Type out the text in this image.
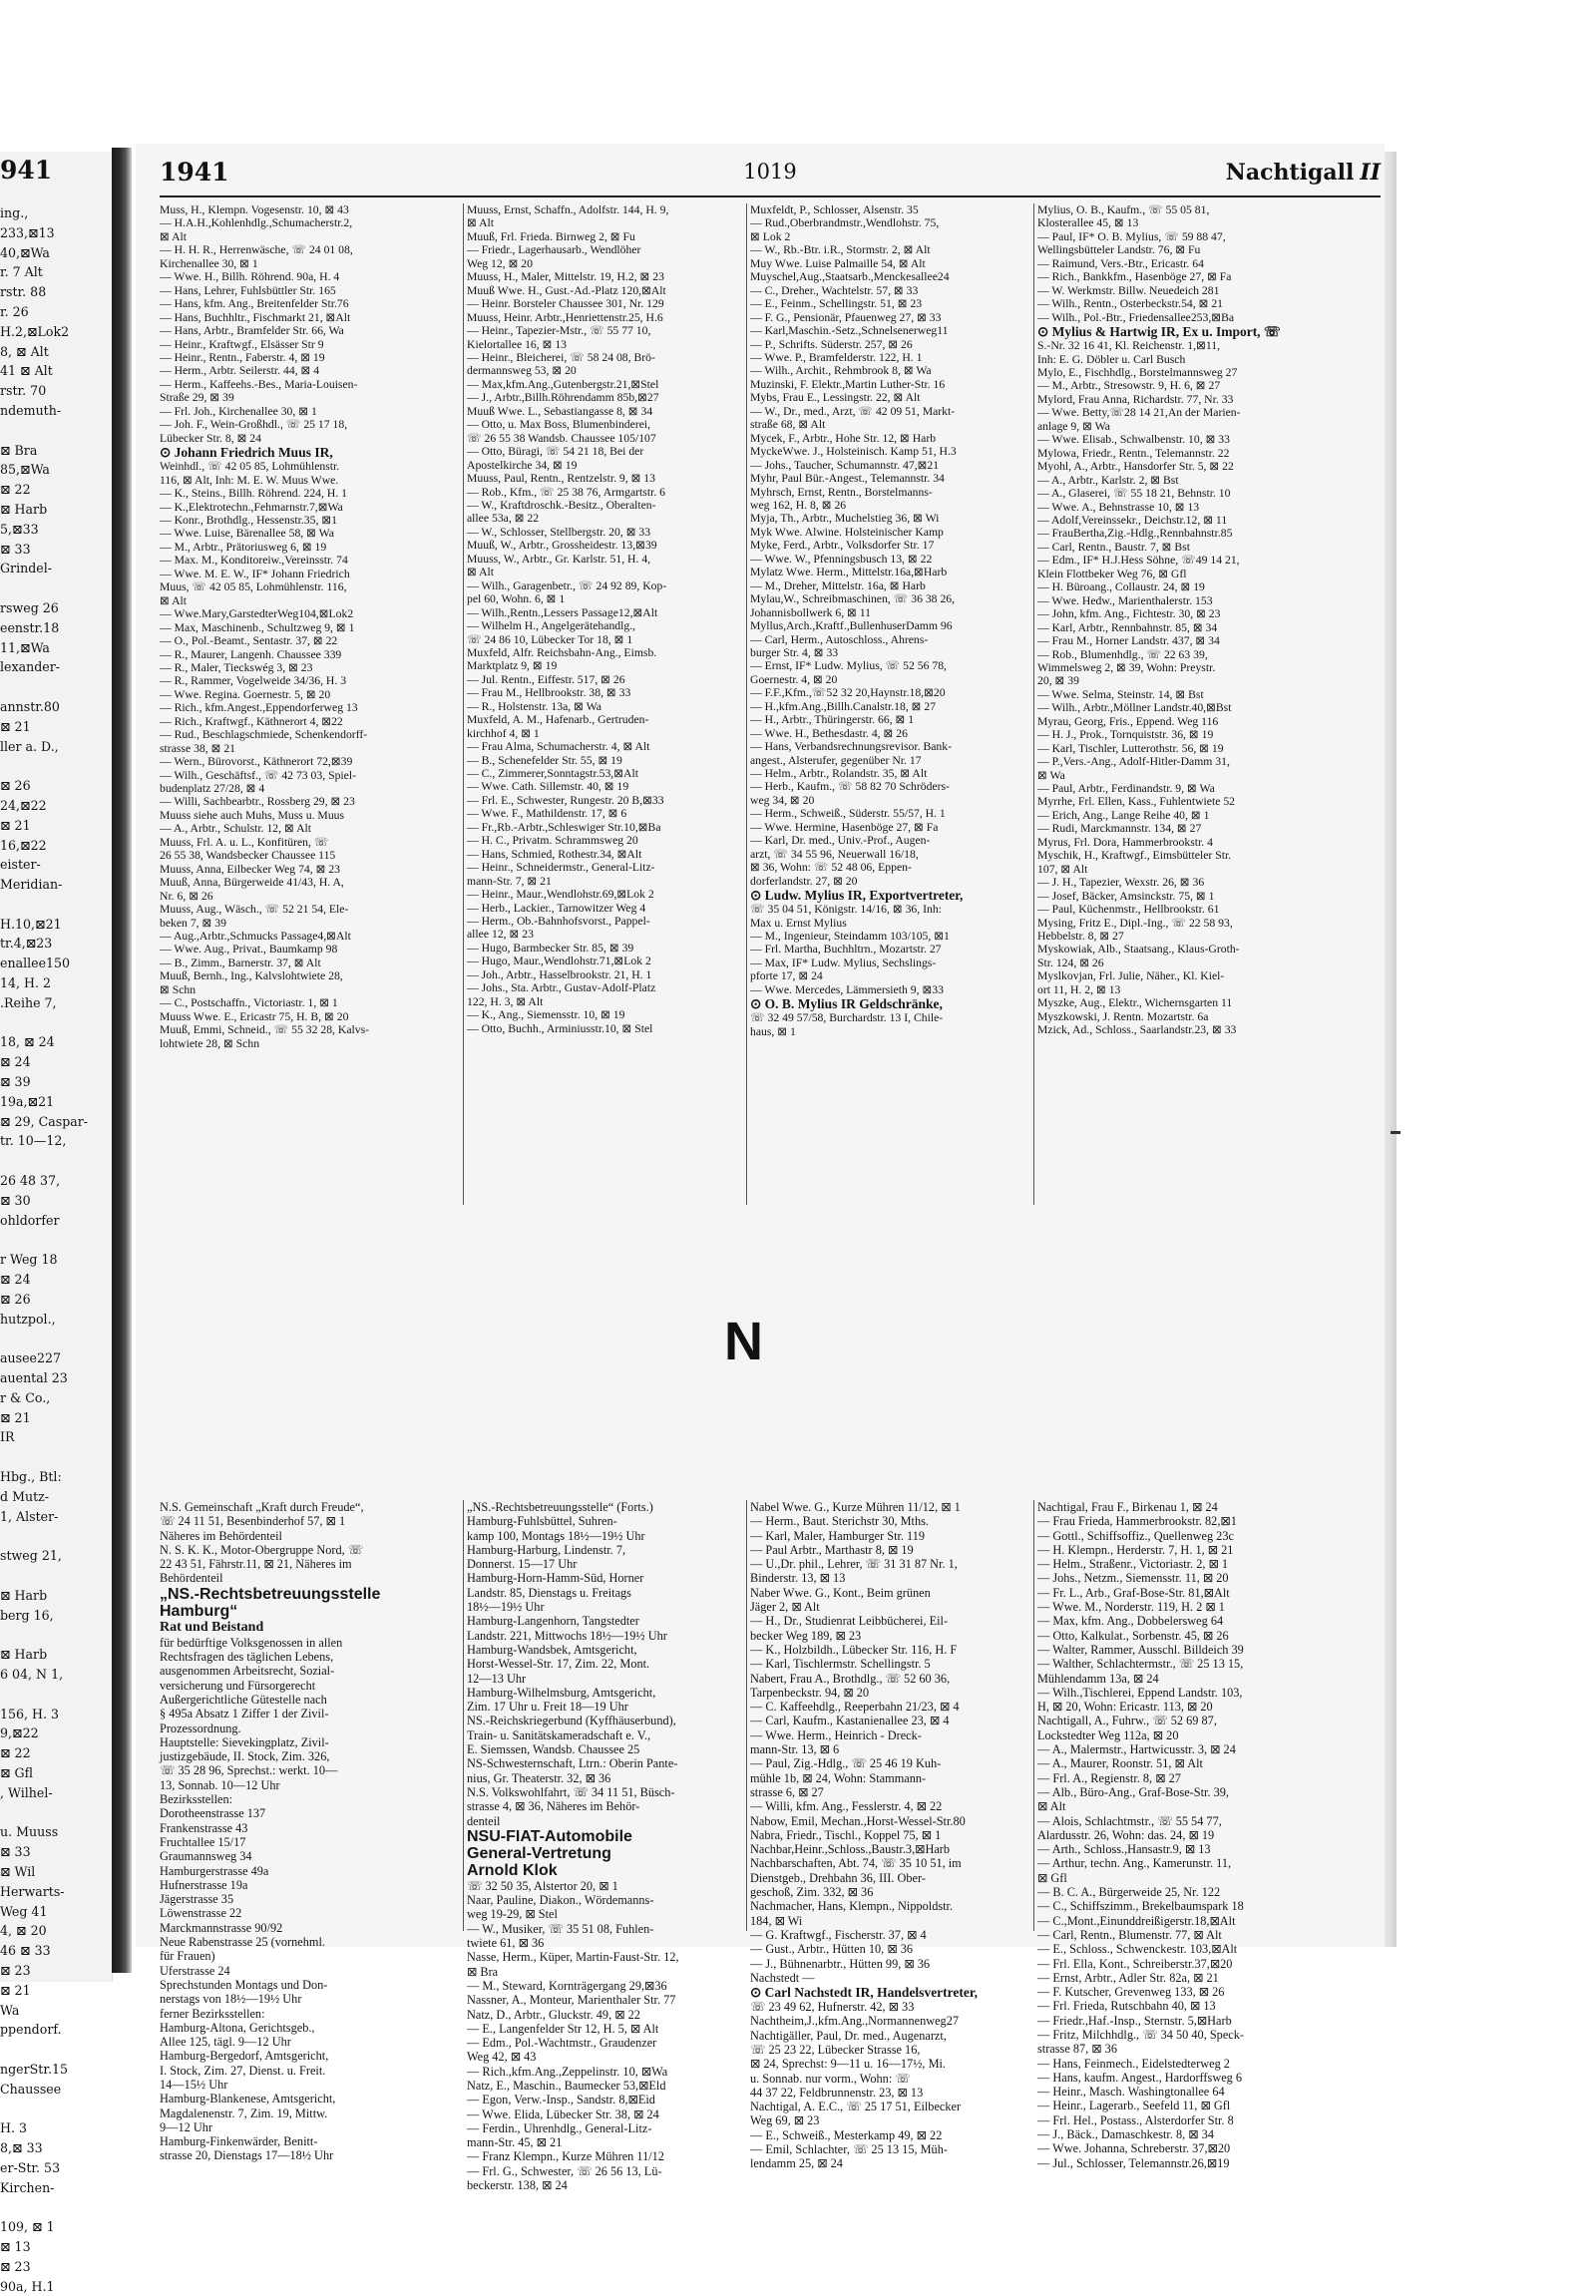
941
ing.,
233,⊠13
40,⊠Wa
r. 7 Alt
rstr. 88
r. 26
H.2,⊠Lok2
8, ⊠ Alt
41 ⊠ Alt
rstr. 70
ndemuth-

⊠ Bra
85,⊠Wa
⊠ 22
⊠ Harb
5,⊠33
⊠ 33
Grindel-

rsweg 26
eenstr.18
11,⊠Wa
lexander-

annstr.80
⊠ 21
ller a. D.,

⊠ 26
24,⊠22
⊠ 21
16,⊠22
eister-
Meridian-

H.10,⊠21
tr.4,⊠23
enallee150
14, H. 2
.Reihe 7,

18, ⊠ 24
⊠ 24
⊠ 39
19a,⊠21
⊠ 29, Caspar-
tr. 10—12,

26 48 37,
⊠ 30
ohldorfer

r Weg 18
⊠ 24
⊠ 26
hutzpol.,

ausee227
auental 23
r & Co.,
⊠ 21
IR

Hbg., Btl:
d Mutz-
1, Alster-

stweg 21,

⊠ Harb
berg 16,

⊠ Harb
6 04, N 1,

156, H. 3
9,⊠22
⊠ 22
⊠ Gfl
, Wilhel-

u. Muuss
⊠ 33
⊠ Wil
Herwarts-
Weg 41
4, ⊠ 20
46 ⊠ 33
⊠ 23
⊠ 21
Wa
ppendorf.

ngerStr.15
Chaussee

H. 3
8,⊠ 33
er-Str. 53
Kirchen-

109, ⊠ 1
⊠ 13
⊠ 23
90a, H.1
1941	1019	Nachtigall II
Muss, H., Klempn. Vogesenstr. 10, ⊠ 43
— H.A.H.,Kohlenhdlg.,Schumacherstr.2,
⊠ Alt
— H. H. R., Herrenwäsche, ☏ 24 01 08,
Kirchenallee 30, ⊠ 1
— Wwe. H., Billh. Röhrend. 90a, H. 4
— Hans, Lehrer, Fuhlsbüttler Str. 165
— Hans, kfm. Ang., Breitenfelder Str.76
— Hans, Buchhltr., Fischmarkt 21, ⊠Alt
— Hans, Arbtr., Bramfelder Str. 66, Wa
— Heinr., Kraftwgf., Elsässer Str 9
— Heinr., Rentn., Faberstr. 4, ⊠ 19
— Herm., Arbtr. Seilerstr. 44, ⊠ 4
— Herm., Kaffeehs.-Bes., Maria-Louisen-
Straße 29, ⊠ 39
— Frl. Joh., Kirchenallee 30, ⊠ 1
— Joh. F., Wein-Großhdl., ☏ 25 17 18,
Lübecker Str. 8, ⊠ 24
⊙ Johann Friedrich Muus IR,
Weinhdl., ☏ 42 05 85, Lohmühlenstr.
116, ⊠ Alt, Inh: M. E. W. Muus Wwe.
— K., Steins., Billh. Röhrend. 224, H. 1
— K.,Elektrotechn.,Fehmarnstr.7,⊠Wa
— Konr., Brothdlg., Hessenstr.35, ⊠1
— Wwe. Luise, Bärenallee 58, ⊠ Wa
— M., Arbtr., Prätoriusweg 6, ⊠ 19
— Max. M., Konditoreiw.,Vereinsstr. 74
— Wwe. M. E. W., IF* Johann Friedrich
Muus, ☏ 42 05 85, Lohmühlenstr. 116,
⊠ Alt
— Wwe.Mary,GarstedterWeg104,⊠Lok2
— Max, Maschinenb., Schultzweg 9, ⊠ 1
— O., Pol.-Beamt., Sentastr. 37, ⊠ 22
— R., Maurer, Langenh. Chaussee 339
— R., Maler, Tieckswég 3, ⊠ 23
— R., Rammer, Vogelweide 34/36, H. 3
— Wwe. Regina. Goernestr. 5, ⊠ 20
— Rich., kfm.Angest.,Eppendorferweg 13
— Rich., Kraftwgf., Käthnerort 4, ⊠22
— Rud., Beschlagschmiede, Schenkendorff-
strasse 38, ⊠ 21
— Wern., Bürovorst., Käthnerort 72,⊠39
— Wilh., Geschäftsf., ☏ 42 73 03, Spiel-
budenplatz 27/28, ⊠ 4
— Willi, Sachbearbtr., Rossberg 29, ⊠ 23
Muuss siehe auch Muhs, Muss u. Muus
— A., Arbtr., Schulstr. 12, ⊠ Alt
Muuss, Frl. A. u. L., Konfitüren, ☏
26 55 38, Wandsbecker Chaussee 115
Muuss, Anna, Eilbecker Weg 74, ⊠ 23
Muuß, Anna, Bürgerweide 41/43, H. A,
Nr. 6, ⊠ 26
Muuss, Aug., Wäsch., ☏ 52 21 54, Ele-
beken 7, ⊠ 39
— Aug.,Arbtr.,Schmucks Passage4,⊠Alt
— Wwe. Aug., Privat., Baumkamp 98
— B., Zimm., Barnerstr. 37, ⊠ Alt
Muuß, Bernh., Ing., Kalvslohtwiete 28,
⊠ Schn
— C., Postschaffn., Victoriastr. 1, ⊠ 1
Muuss Wwe. E., Ericastr 75, H. B, ⊠ 20
Muuß, Emmi, Schneid., ☏ 55 32 28, Kalvs-
lohtwiete 28, ⊠ Schn
Muuss, Ernst, Schaffn., Adolfstr. 144, H. 9,
⊠ Alt
Muuß, Frl. Frieda. Birnweg 2, ⊠ Fu
— Friedr., Lagerhausarb., Wendlöher
Weg 12, ⊠ 20
Muuss, H., Maler, Mittelstr. 19, H.2, ⊠ 23
Muuß Wwe. H., Gust.-Ad.-Platz 120,⊠Alt
— Heinr. Borsteler Chaussee 301, Nr. 129
Muuss, Heinr. Arbtr.,Henriettenstr.25, H.6
— Heinr., Tapezier-Mstr., ☏ 55 77 10,
Kielortallee 16, ⊠ 13
— Heinr., Bleicherei, ☏ 58 24 08, Brö-
dermannsweg 53, ⊠ 20
— Max,kfm.Ang.,Gutenbergstr.21,⊠Stel
— J., Arbtr.,Billh.Röhrendamm 85b,⊠27
Muuß Wwe. L., Sebastiangasse 8, ⊠ 34
— Otto, u. Max Boss, Blumenbinderei,
☏ 26 55 38 Wandsb. Chaussee 105/107
— Otto, Büragi, ☏ 54 21 18, Bei der
Apostelkirche 34, ⊠ 19
Muuss, Paul, Rentn., Rentzelstr. 9, ⊠ 13
— Rob., Kfm., ☏ 25 38 76, Armgartstr. 6
— W., Kraftdroschk.-Besitz., Oberalten-
allee 53a, ⊠ 22
— W., Schlosser, Stellbergstr. 20, ⊠ 33
Muuß, W., Arbtr., Grossheidestr. 13,⊠39
Muuss, W., Arbtr., Gr. Karlstr. 51, H. 4,
⊠ Alt
— Wilh., Garagenbetr., ☏ 24 92 89, Kop-
pel 60, Wohn. 6, ⊠ 1
— Wilh.,Rentn.,Lessers Passage12,⊠Alt
— Wilhelm H., Angelgerätehandlg.,
☏ 24 86 10, Lübecker Tor 18, ⊠ 1
Muxfeld, Alfr. Reichsbahn-Ang., Eimsb.
Marktplatz 9, ⊠ 19
— Jul. Rentn., Eiffestr. 517, ⊠ 26
— Frau M., Hellbrookstr. 38, ⊠ 33
— R., Holstenstr. 13a, ⊠ Wa
Muxfeld, A. M., Hafenarb., Gertruden-
kirchhof 4, ⊠ 1
— Frau Alma, Schumacherstr. 4, ⊠ Alt
— B., Schenefelder Str. 55, ⊠ 19
— C., Zimmerer,Sonntagstr.53,⊠Alt
— Wwe. Cath. Sillemstr. 40, ⊠ 19
— Frl. E., Schwester, Rungestr. 20 B,⊠33
— Wwe. F., Mathildenstr. 17, ⊠ 6
— Fr.,Rb.-Arbtr.,Schleswiger Str.10,⊠Ba
— H. C., Privatm. Schrammsweg 20
— Hans, Schmied, Rothestr.34, ⊠Alt
— Heinr., Schneidermstr., General-Litz-
mann-Str. 7, ⊠ 21
— Heinr., Maur.,Wendlohstr.69,⊠Lok 2
— Herb., Lackier., Tarnowitzer Weg 4
— Herm., Ob.-Bahnhofsvorst., Pappel-
allee 12, ⊠ 23
— Hugo, Barmbecker Str. 85, ⊠ 39
— Hugo, Maur.,Wendlohstr.71,⊠Lok 2
— Joh., Arbtr., Hasselbrookstr. 21, H. 1
— Johs., Sta. Arbtr., Gustav-Adolf-Platz
122, H. 3, ⊠ Alt
— K., Ang., Siemensstr. 10, ⊠ 19
— Otto, Buchh., Arminiusstr.10, ⊠ Stel
Muxfeldt, P., Schlosser, Alsenstr. 35
— Rud.,Oberbrandmstr.,Wendlohstr. 75,
⊠ Lok 2
— W., Rb.-Btr. i.R., Stormstr. 2, ⊠ Alt
Muy Wwe. Luise Palmaille 54, ⊠ Alt
Muyschel,Aug.,Staatsarb.,Menckesallee24
— C., Dreher., Wachtelstr. 57, ⊠ 33
— E., Feinm., Schellingstr. 51, ⊠ 23
— F. G., Pensionär, Pfauenweg 27, ⊠ 33
— Karl,Maschin.-Setz.,Schnelsenerweg11
— P., Schrifts. Süderstr. 257, ⊠ 26
— Wwe. P., Bramfelderstr. 122, H. 1
— Wilh., Archit., Rehmbrook 8, ⊠ Wa
Muzinski, F. Elektr.,Martin Luther-Str. 16
Mybs, Frau E., Lessingstr. 22, ⊠ Alt
— W., Dr., med., Arzt, ☏ 42 09 51, Markt-
straße 68, ⊠ Alt
Mycek, F., Arbtr., Hohe Str. 12, ⊠ Harb
MyckeWwe. J., Holsteinisch. Kamp 51, H.3
— Johs., Taucher, Schumannstr. 47,⊠21
Myhr, Paul Bür.-Angest., Telemannstr. 34
Myhrsch, Ernst, Rentn., Borstelmanns-
weg 162, H. 8, ⊠ 26
Myja, Th., Arbtr., Muchelstieg 36, ⊠ Wi
Myk Wwe. Alwine. Holsteinischer Kamp
Myke, Ferd., Arbtr., Volksdorfer Str. 17
— Wwe. W., Pfenningsbusch 13, ⊠ 22
Mylatz Wwe. Herm., Mittelstr.16a,⊠Harb
— M., Dreher, Mittelstr. 16a, ⊠ Harb
Mylau,W., Schreibmaschinen, ☏ 36 38 26,
Johannisbollwerk 6, ⊠ 11
Myllus,Arch.,Kraftf.,BullenhuserDamm 96
— Carl, Herm., Autoschloss., Ahrens-
burger Str. 4, ⊠ 33
— Ernst, IF* Ludw. Mylius, ☏ 52 56 78,
Goernestr. 4, ⊠ 20
— F.F.,Kfm.,☏52 32 20,Haynstr.18,⊠20
— H.,kfm.Ang.,Billh.Canalstr.18, ⊠ 27
— H., Arbtr., Thüringerstr. 66, ⊠ 1
— Wwe. H., Bethesdastr. 4, ⊠ 26
— Hans, Verbandsrechnungsrevisor. Bank-
angest., Alsterufer, gegenüber Nr. 17
— Helm., Arbtr., Rolandstr. 35, ⊠ Alt
— Herb., Kaufm., ☏ 58 82 70 Schröders-
weg 34, ⊠ 20
— Herm., Schweiß., Süderstr. 55/57, H. 1
— Wwe. Hermine, Hasenböge 27, ⊠ Fa
— Karl, Dr. med., Univ.-Prof., Augen-
arzt, ☏ 34 55 96, Neuerwall 16/18,
⊠ 36, Wohn: ☏ 52 48 06, Eppen-
dorferlandstr. 27, ⊠ 20
⊙ Ludw. Mylius IR, Exportvertreter,
☏ 35 04 51, Königstr. 14/16, ⊠ 36, Inh:
Max u. Ernst Mylius
— M., Ingenieur, Steindamm 103/105, ⊠1
— Frl. Martha, Buchhltrn., Mozartstr. 27
— Max, IF* Ludw. Mylius, Sechslings-
pforte 17, ⊠ 24
— Wwe. Mercedes, Lämmersieth 9, ⊠33
⊙ O. B. Mylius IR Geldschränke,
☏ 32 49 57/58, Burchardstr. 13 I, Chile-
haus, ⊠ 1
Mylius, O. B., Kaufm., ☏ 55 05 81,
Klosterallee 45, ⊠ 13
— Paul, IF* O. B. Mylius, ☏ 59 88 47,
Wellingsbütteler Landstr. 76, ⊠ Fu
— Raimund, Vers.-Btr., Ericastr. 64
— Rich., Bankkfm., Hasenböge 27, ⊠ Fa
— W. Werkmstr. Billw. Neuedeich 281
— Wilh., Rentn., Osterbeckstr.54, ⊠ 21
— Wilh., Pol.-Btr., Friedensallee253,⊠Ba
⊙ Mylius & Hartwig IR, Ex u. Import, ☏
S.-Nr. 32 16 41, Kl. Reichenstr. 1,⊠11,
Inh: E. G. Döbler u. Carl Busch
Mylo, E., Fischhdlg., Borstelmannsweg 27
— M., Arbtr., Stresowstr. 9, H. 6, ⊠ 27
Mylord, Frau Anna, Richardstr. 77, Nr. 33
— Wwe. Betty,☏28 14 21,An der Marien-
anlage 9, ⊠ Wa
— Wwe. Elisab., Schwalbenstr. 10, ⊠ 33
Mylowa, Friedr., Rentn., Telemannstr. 22
Myohl, A., Arbtr., Hansdorfer Str. 5, ⊠ 22
— A., Arbtr., Karlstr. 2, ⊠ Bst
— A., Glaserei, ☏ 55 18 21, Behnstr. 10
— Wwe. A., Behnstrasse 10, ⊠ 13
— Adolf,Vereinssekr., Deichstr.12, ⊠ 11
— FrauBertha,Zig.-Hdlg.,Rennbahnstr.85
— Carl, Rentn., Baustr. 7, ⊠ Bst
— Edm., IF* H.J.Hess Söhne, ☏49 14 21,
Klein Flottbeker Weg 76, ⊠ Gfl
— H. Büroang., Collaustr. 24, ⊠ 19
— Wwe. Hedw., Marienthalerstr. 153
— John, kfm. Ang., Fichtestr. 30, ⊠ 23
— Karl, Arbtr., Rennbahnstr. 85, ⊠ 34
— Frau M., Horner Landstr. 437, ⊠ 34
— Rob., Blumenhdlg., ☏ 22 63 39,
Wimmelsweg 2, ⊠ 39, Wohn: Preystr.
20, ⊠ 39
— Wwe. Selma, Steinstr. 14, ⊠ Bst
— Wilh., Arbtr.,Möllner Landstr.40,⊠Bst
Myrau, Georg, Fris., Eppend. Weg 116
— H. J., Prok., Tornquiststr. 36, ⊠ 19
— Karl, Tischler, Lutterothstr. 56, ⊠ 19
— P.,Vers.-Ang., Adolf-Hitler-Damm 31,
⊠ Wa
— Paul, Arbtr., Ferdinandstr. 9, ⊠ Wa
Myrrhe, Frl. Ellen, Kass., Fuhlentwiete 52
— Erich, Ang., Lange Reihe 40, ⊠ 1
— Rudi, Marckmannstr. 134, ⊠ 27
Myrus, Frl. Dora, Hammerbrookstr. 4
Myschik, H., Kraftwgf., Eimsbütteler Str.
107, ⊠ Alt
— J. H., Tapezier, Wexstr. 26, ⊠ 36
— Josef, Bäcker, Amsinckstr. 75, ⊠ 1
— Paul, Küchenmstr., Hellbrookstr. 61
Mysing, Fritz E., Dipl.-Ing., ☏ 22 58 93,
Hebbelstr. 8, ⊠ 27
Myskowiak, Alb., Staatsang., Klaus-Groth-
Str. 124, ⊠ 26
Myslkovjan, Frl. Julie, Näher., Kl. Kiel-
ort 11, H. 2, ⊠ 13
Myszke, Aug., Elektr., Wichernsgarten 11
Myszkowski, J. Rentn. Mozartstr. 6a
Mzick, Ad., Schloss., Saarlandstr.23, ⊠ 33
N
N.S. Gemeinschaft „Kraft durch Freude“,
☏ 24 11 51, Besenbinderhof 57, ⊠ 1
Näheres im Behördenteil
N. S. K. K., Motor-Obergruppe Nord, ☏
22 43 51, Fährstr.11, ⊠ 21, Näheres im
Behördenteil
„NS.-Rechtsbetreuungsstelle
Hamburg“
Rat und Beistand
für bedürftige Volksgenossen in allen
Rechtsfragen des täglichen Lebens,
ausgenommen Arbeitsrecht, Sozial-
versicherung und Fürsorgerecht
Außergerichtliche Gütestelle nach
§ 495a Absatz 1 Ziffer 1 der Zivil-
Prozessordnung.
Hauptstelle: Sievekingplatz, Zivil-
justizgebäude, II. Stock, Zim. 326,
☏ 35 28 96, Sprechst.: werkt. 10—
13, Sonnab. 10—12 Uhr
Bezirksstellen:
Dorotheenstrasse 137
Frankenstrasse 43
Fruchtallee 15/17
Graumannsweg 34
Hamburgerstrasse 49a
Hufnerstrasse 19a
Jägerstrasse 35
Löwenstrasse 22
Marckmannstrasse 90/92
Neue Rabenstrasse 25 (vornehml.
für Frauen)
Uferstrasse 24
Sprechstunden Montags und Don-
nerstags von 18½—19½ Uhr
ferner Bezirksstellen:
Hamburg-Altona, Gerichtsgeb.,
Allee 125, tägl. 9—12 Uhr
Hamburg-Bergedorf, Amtsgericht,
I. Stock, Zim. 27, Dienst. u. Freit.
14—15½ Uhr
Hamburg-Blankenese, Amtsgericht,
Magdalenenstr. 7, Zim. 19, Mittw.
9—12 Uhr
Hamburg-Finkenwärder, Benitt-
strasse 20, Dienstags 17—18½ Uhr
„NS.-Rechtsbetreuungsstelle“ (Forts.)
Hamburg-Fuhlsbüttel, Suhren-
kamp 100, Montags 18½—19½ Uhr
Hamburg-Harburg, Lindenstr. 7,
Donnerst. 15—17 Uhr
Hamburg-Horn-Hamm-Süd, Horner
Landstr. 85, Dienstags u. Freitags
18½—19½ Uhr
Hamburg-Langenhorn, Tangstedter
Landstr. 221, Mittwochs 18½—19½ Uhr
Hamburg-Wandsbek, Amtsgericht,
Horst-Wessel-Str. 17, Zim. 22, Mont.
12—13 Uhr
Hamburg-Wilhelmsburg, Amtsgericht,
Zim. 17 Uhr u. Freit 18—19 Uhr
NS.-Reichskriegerbund (Kyffhäuserbund),
Train- u. Sanitätskameradschaft e. V.,
E. Siemssen, Wandsb. Chaussee 25
NS-Schwesternschaft, Ltrn.: Oberin Pante-
nius, Gr. Theaterstr. 32, ⊠ 36
N.S. Volkswohlfahrt, ☏ 34 11 51, Büsch-
strasse 4, ⊠ 36, Näheres im Behör-
denteil
NSU-FIAT-Automobile
General-Vertretung
Arnold Klok
☏ 32 50 35, Alstertor 20, ⊠ 1
Naar, Pauline, Diakon., Wördemanns-
weg 19-29, ⊠ Stel
— W., Musiker, ☏ 35 51 08, Fuhlen-
twiete 61, ⊠ 36
Nasse, Herm., Küper, Martin-Faust-Str. 12,
⊠ Bra
— M., Steward, Kornträgergang 29,⊠36
Nassner, A., Monteur, Marienthaler Str. 77
Natz, D., Arbtr., Gluckstr. 49, ⊠ 22
— E., Langenfelder Str 12, H. 5, ⊠ Alt
— Edm., Pol.-Wachtmstr., Graudenzer
Weg 42, ⊠ 43
— Rich.,kfm.Ang.,Zeppelinstr. 10, ⊠Wa
Natz, E., Maschin., Baumecker 53,⊠Eld
— Egon, Verw.-Insp., Sandstr. 8,⊠Eid
— Wwe. Elida, Lübecker Str. 38, ⊠ 24
— Ferdin., Uhrenhdlg., General-Litz-
mann-Str. 45, ⊠ 21
— Franz Klempn., Kurze Mühren 11/12
— Frl. G., Schwester, ☏ 26 56 13, Lü-
beckerstr. 138, ⊠ 24
Nabel Wwe. G., Kurze Mühren 11/12, ⊠ 1
— Herm., Baut. Sterichstr 30, Mths.
— Karl, Maler, Hamburger Str. 119
— Paul Arbtr., Marthastr 8, ⊠ 19
— U.,Dr. phil., Lehrer, ☏ 31 31 87 Nr. 1,
Binderstr. 13, ⊠ 13
Naber Wwe. G., Kont., Beim grünen
Jäger 2, ⊠ Alt
— H., Dr., Studienrat Leibbücherei, Eil-
becker Weg 189, ⊠ 23
— K., Holzbildh., Lübecker Str. 116, H. F
— Karl, Tischlermstr. Schellingstr. 5
Nabert, Frau A., Brothdlg., ☏ 52 60 36,
Tarpenbeckstr. 94, ⊠ 20
— C. Kaffeehdlg., Reeperbahn 21/23, ⊠ 4
— Carl, Kaufm., Kastanienallee 23, ⊠ 4
— Wwe. Herm., Heinrich - Dreck-
mann-Str. 13, ⊠ 6
— Paul, Zig.-Hdlg., ☏ 25 46 19 Kuh-
mühle 1b, ⊠ 24, Wohn: Stammann-
strasse 6, ⊠ 27
— Willi, kfm. Ang., Fesslerstr. 4, ⊠ 22
Nabow, Emil, Mechan.,Horst-Wessel-Str.80
Nabra, Friedr., Tischl., Koppel 75, ⊠ 1
Nachbar,Heinr.,Schloss.,Baustr.3,⊠Harb
Nachbarschaften, Abt. 74, ☏ 35 10 51, im
Dienstgeb., Drehbahn 36, III. Ober-
geschoß, Zim. 332, ⊠ 36
Nachmacher, Hans, Klempn., Nippoldstr.
184, ⊠ Wi
— G. Kraftwgf., Fischerstr. 37, ⊠ 4
— Gust., Arbtr., Hütten 10, ⊠ 36
— J., Bühnenarbtr., Hütten 99, ⊠ 36
Nachstedt —
⊙ Carl Nachstedt IR, Handelsvertreter,
☏ 23 49 62, Hufnerstr. 42, ⊠ 33
Nachtheim,J.,kfm.Ang.,Normannenweg27
Nachtigäller, Paul, Dr. med., Augenarzt,
☏ 25 23 22, Lübecker Strasse 16,
⊠ 24, Sprechst: 9—11 u. 16—17½, Mi.
u. Sonnab. nur vorm., Wohn: ☏
44 37 22, Feldbrunnenstr. 23, ⊠ 13
Nachtigal, A. E.C., ☏ 25 17 51, Eilbecker
Weg 69, ⊠ 23
— E., Schweiß., Mesterkamp 49, ⊠ 22
— Emil, Schlachter, ☏ 25 13 15, Müh-
lendamm 25, ⊠ 24
Nachtigal, Frau F., Birkenau 1, ⊠ 24
— Frau Frieda, Hammerbrookstr. 82,⊠1
— Gottl., Schiffsoffiz., Quellenweg 23c
— H. Klempn., Herderstr. 7, H. 1, ⊠ 21
— Helm., Straßenr., Victoriastr. 2, ⊠ 1
— Johs., Netzm., Siemensstr. 11, ⊠ 20
— Fr. L., Arb., Graf-Bose-Str. 81,⊠Alt
— Wwe. M., Norderstr. 119, H. 2 ⊠ 1
— Max, kfm. Ang., Dobbelersweg 64
— Otto, Kalkulat., Sorbenstr. 45, ⊠ 26
— Walter, Rammer, Ausschl. Billdeich 39
— Walther, Schlachtermstr., ☏ 25 13 15,
Mühlendamm 13a, ⊠ 24
— Wilh.,Tischlerei, Eppend Landstr. 103,
H, ⊠ 20, Wohn: Ericastr. 113, ⊠ 20
Nachtigall, A., Fuhrw., ☏ 52 69 87,
Lockstedter Weg 112a, ⊠ 20
— A., Malermstr., Hartwicusstr. 3, ⊠ 24
— A., Maurer, Roonstr. 51, ⊠ Alt
— Frl. A., Regienstr. 8, ⊠ 27
— Alb., Büro-Ang., Graf-Bose-Str. 39,
⊠ Alt
— Alois, Schlachtmstr., ☏ 55 54 77,
Alardusstr. 26, Wohn: das. 24, ⊠ 19
— Arth., Schloss.,Hansastr.9, ⊠ 13
— Arthur, techn. Ang., Kamerunstr. 11,
⊠ Gfl
— B. C. A., Bürgerweide 25, Nr. 122
— C., Schiffszimm., Brekelbaumspark 18
— C.,Mont.,Einunddreißigerstr.18,⊠Alt
— Carl, Rentn., Blumenstr. 77, ⊠ Alt
— E., Schloss., Schwenckestr. 103,⊠Alt
— Frl. Ella, Kont., Schreiberstr.37,⊠20
— Ernst, Arbtr., Adler Str. 82a, ⊠ 21
— F. Kutscher, Grevenweg 133, ⊠ 26
— Frl. Frieda, Rutschbahn 40, ⊠ 13
— Friedr.,Haf.-Insp., Sternstr. 5,⊠Harb
— Fritz, Milchhdlg., ☏ 34 50 40, Speck-
strasse 87, ⊠ 36
— Hans, Feinmech., Eidelstedterweg 2
— Hans, kaufm. Angest., Hardorffsweg 6
— Heinr., Masch. Washingtonallee 64
— Heinr., Lagerarb., Seefeld 11, ⊠ Gfl
— Frl. Hel., Postass., Alsterdorfer Str. 8
— J., Bäck., Damaschkestr. 8, ⊠ 34
— Wwe. Johanna, Schreberstr. 37,⊠20
— Jul., Schlosser, Telemannstr.26,⊠19
